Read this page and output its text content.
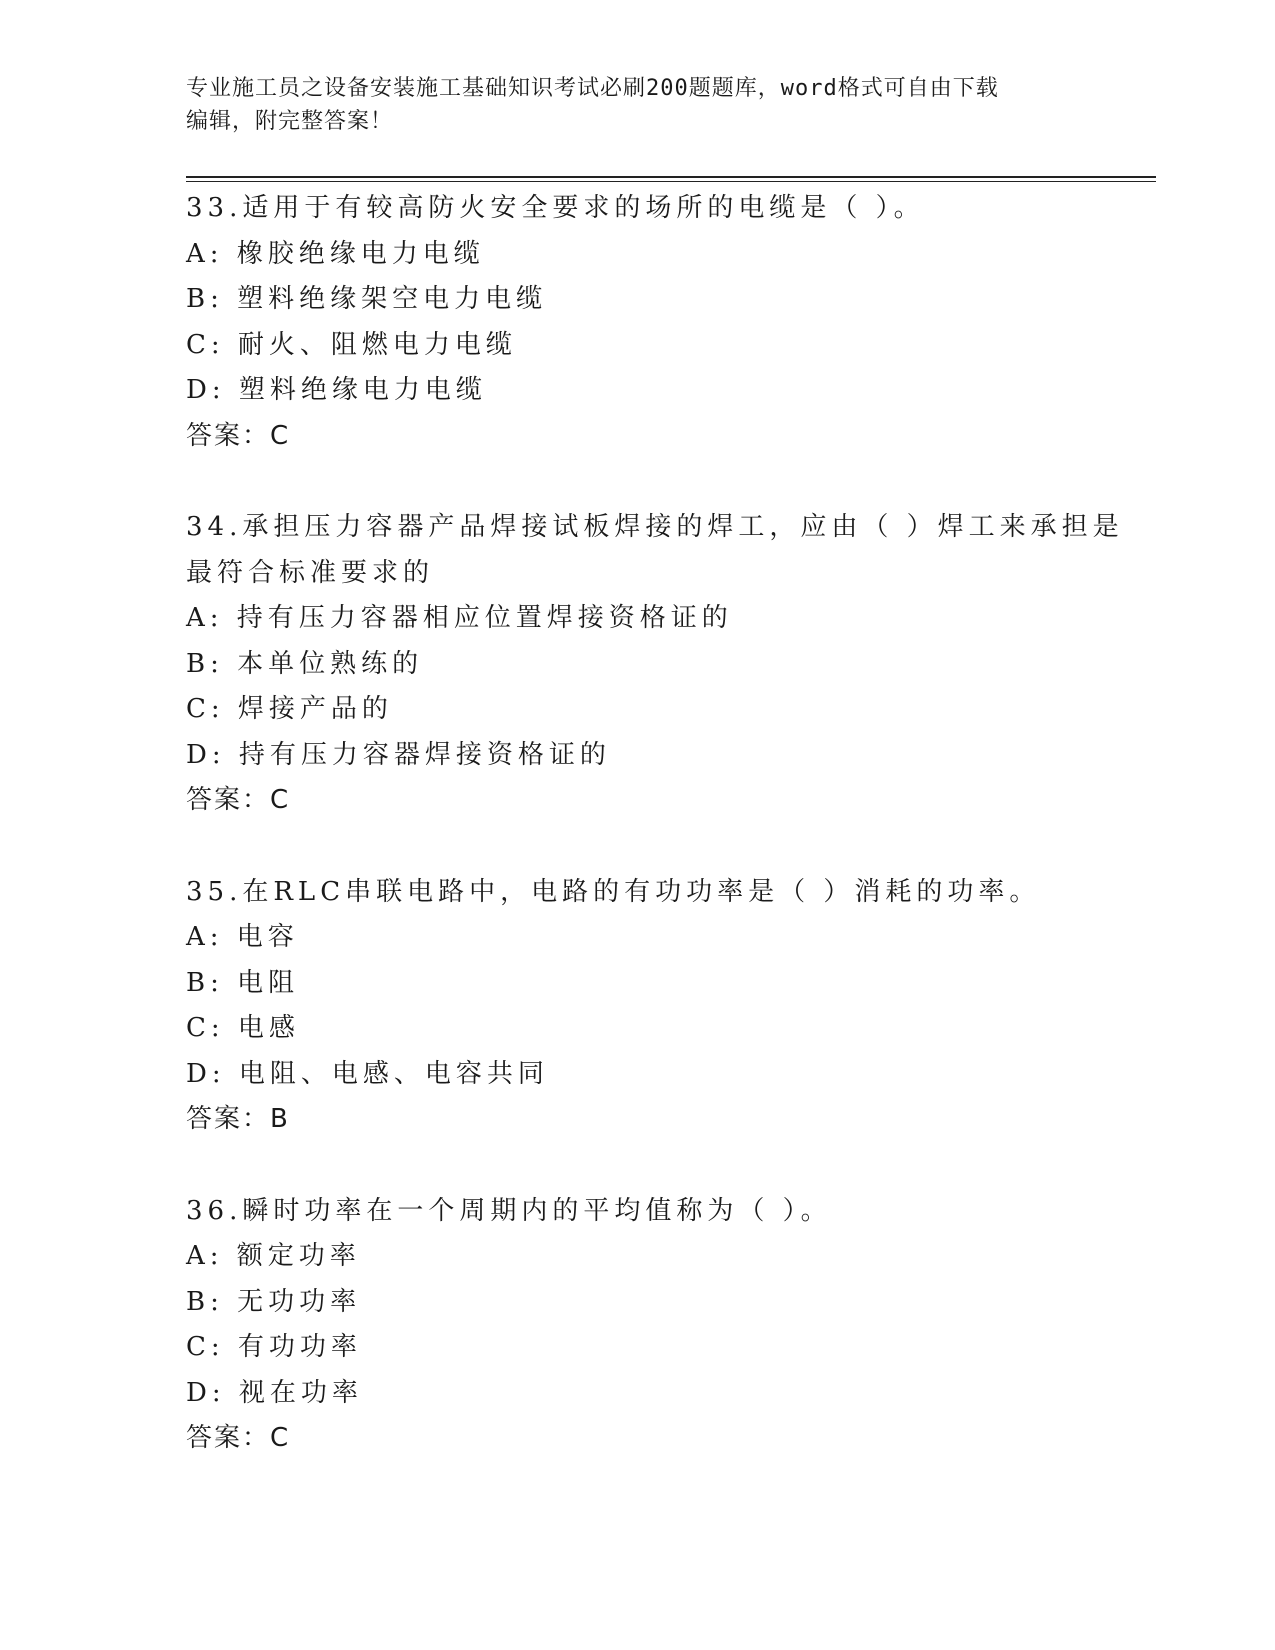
专业施工员之设备安装施工基础知识考试必刷200题题库，word格式可自由下载
编辑，附完整答案！
33.适用于有较高防火安全要求的场所的电缆是（ ）。
A: 橡胶绝缘电力电缆
B: 塑料绝缘架空电力电缆
C: 耐火、阻燃电力电缆
D: 塑料绝缘电力电缆
答案：C
34.承担压力容器产品焊接试板焊接的焊工，应由（ ）焊工来承担是
最符合标准要求的
A: 持有压力容器相应位置焊接资格证的
B: 本单位熟练的
C: 焊接产品的
D: 持有压力容器焊接资格证的
答案：C
35.在RLC串联电路中，电路的有功功率是（ ）消耗的功率。
A: 电容
B: 电阻
C: 电感
D: 电阻、电感、电容共同
答案：B
36.瞬时功率在一个周期内的平均值称为（ ）。
A: 额定功率
B: 无功功率
C: 有功功率
D: 视在功率
答案：C
